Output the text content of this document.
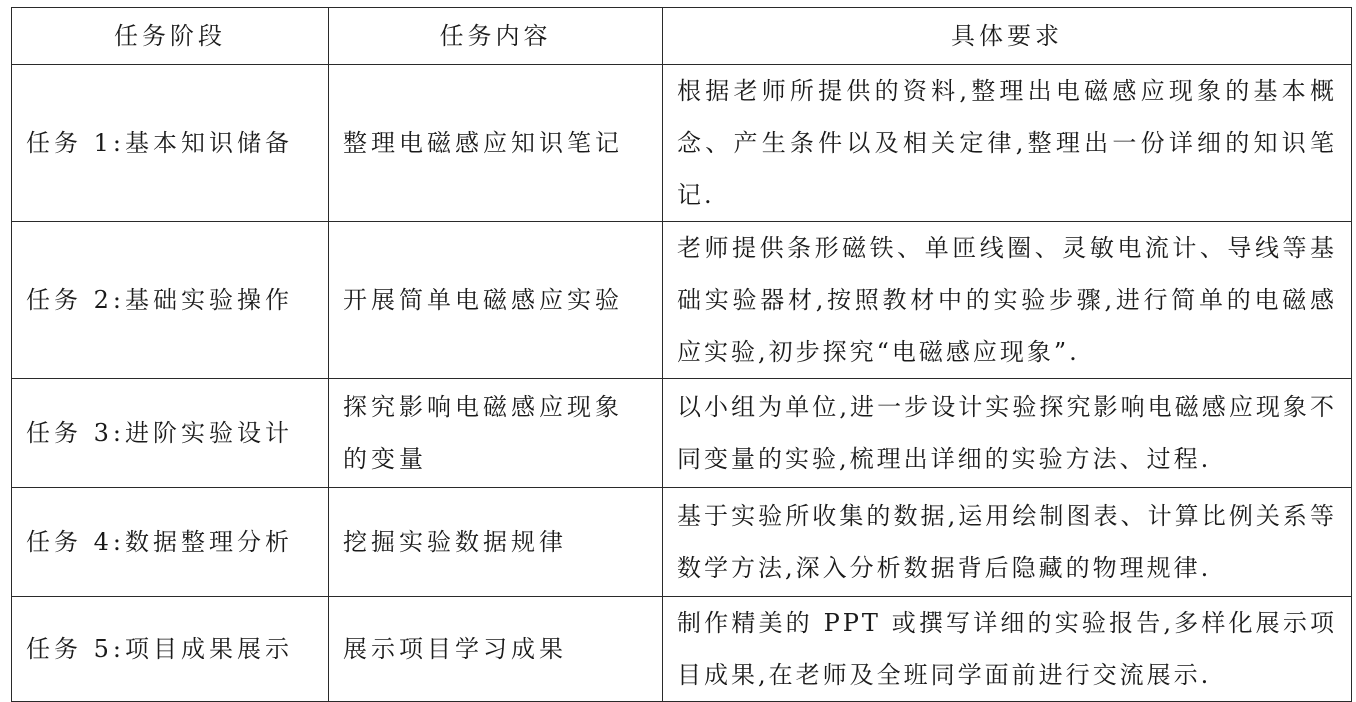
任务阶段	任务内容	具体要求
任务 1:基本知识储备	整理电磁感应知识笔记	根据老师所提供的资料,整理出电磁感应现象的基本概念、产生条件以及相关定律,整理出一份详细的知识笔记.
任务 2:基础实验操作	开展简单电磁感应实验	老师提供条形磁铁、单匝线圈、灵敏电流计、导线等基础实验器材,按照教材中的实验步骤,进行简单的电磁感应实验,初步探究“电磁感应现象”.
任务 3:进阶实验设计	探究影响电磁感应现象的变量	以小组为单位,进一步设计实验探究影响电磁感应现象不同变量的实验,梳理出详细的实验方法、过程.
任务 4:数据整理分析	挖掘实验数据规律	基于实验所收集的数据,运用绘制图表、计算比例关系等数学方法,深入分析数据背后隐藏的物理规律.
任务 5:项目成果展示	展示项目学习成果	制作精美的 PPT 或撰写详细的实验报告,多样化展示项目成果,在老师及全班同学面前进行交流展示.
